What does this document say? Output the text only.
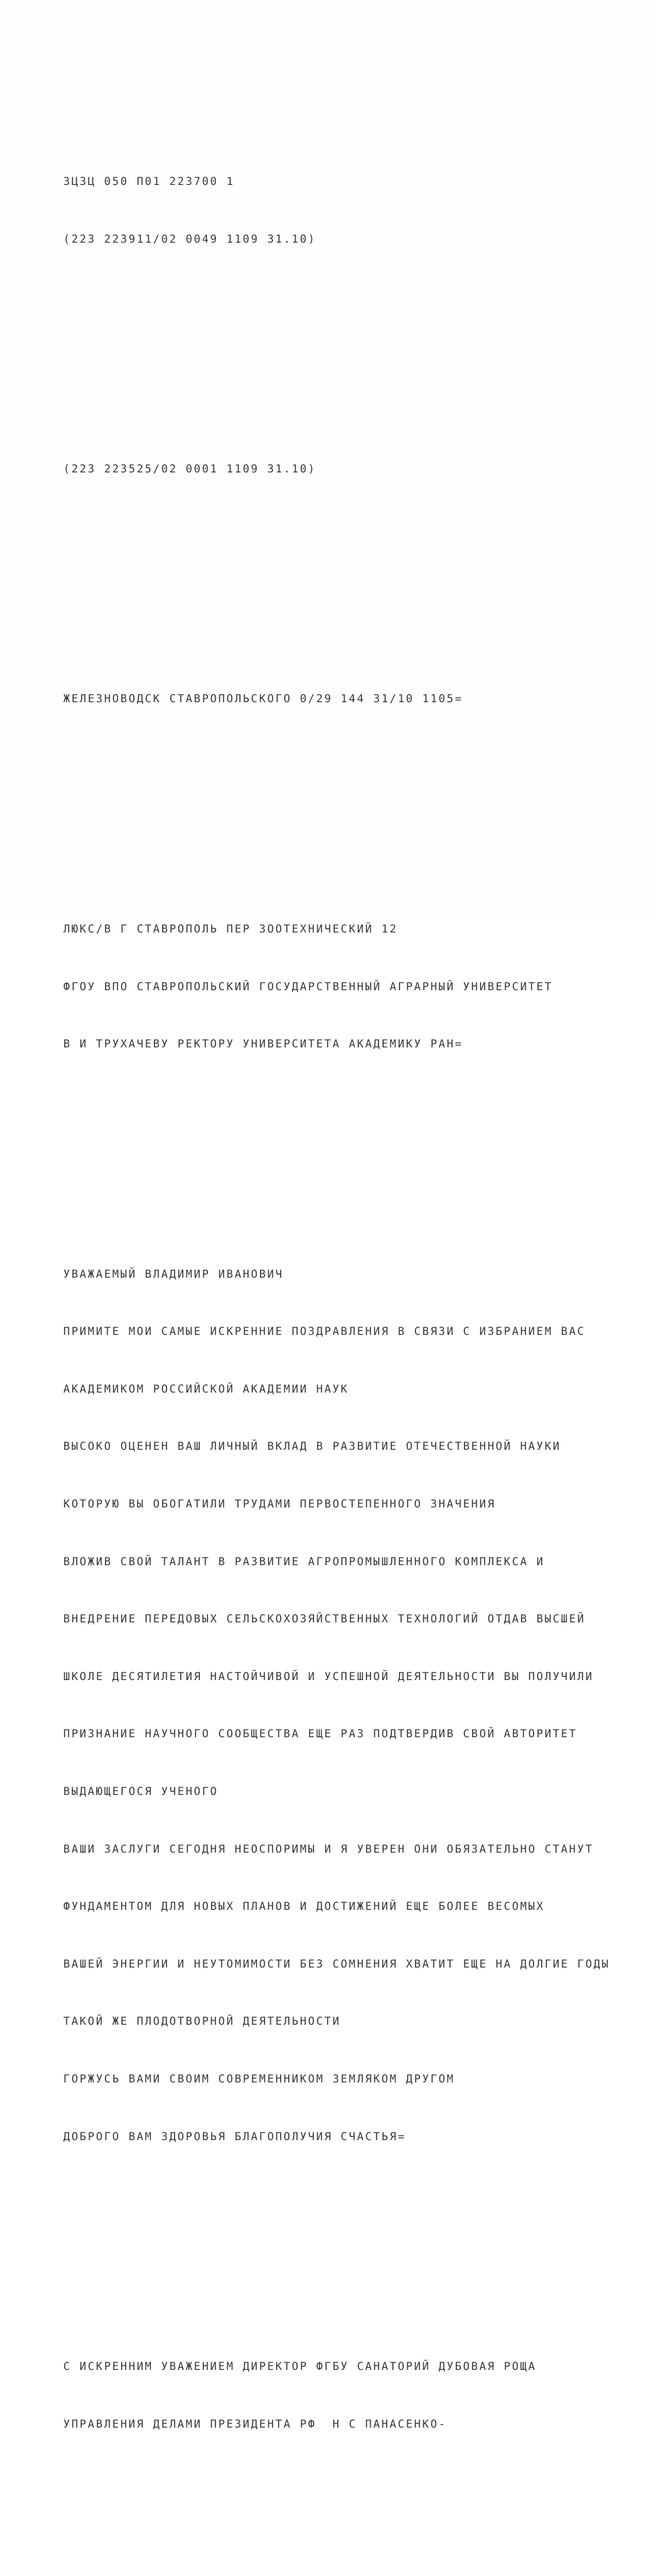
ЗЦЗЦ 050 П01 223700 1

(223 223911/02 0049 1109 31.10)

(223 223525/02 0001 1109 31.10)

ЖЕЛЕЗНОВОДСК СТАВРОПОЛЬСКОГО 0/29 144 31/10 1105=

ЛЮКС/В Г СТАВРОПОЛЬ ПЕР ЗООТЕХНИЧЕСКИЙ 12

ФГОУ ВПО СТАВРОПОЛЬСКИЙ ГОСУДАРСТВЕННЫЙ АГРАРНЫЙ УНИВЕРСИТЕТ

В И ТРУХАЧЕВУ РЕКТОРУ УНИВЕРСИТЕТА АКАДЕМИКУ РАН=

УВАЖАЕМЫЙ ВЛАДИМИР ИВАНОВИЧ

ПРИМИТЕ МОИ САМЫЕ ИСКРЕННИЕ ПОЗДРАВЛЕНИЯ В СВЯЗИ С ИЗБРАНИЕМ ВАС

АКАДЕМИКОМ РОССИЙСКОЙ АКАДЕМИИ НАУК

ВЫСОКО ОЦЕНЕН ВАШ ЛИЧНЫЙ ВКЛАД В РАЗВИТИЕ ОТЕЧЕСТВЕННОЙ НАУКИ

КОТОРУЮ ВЫ ОБОГАТИЛИ ТРУДАМИ ПЕРВОСТЕПЕННОГО ЗНАЧЕНИЯ

ВЛОЖИВ СВОЙ ТАЛАНТ В РАЗВИТИЕ АГРОПРОМЫШЛЕННОГО КОМПЛЕКСА И

ВНЕДРЕНИЕ ПЕРЕДОВЫХ СЕЛЬСКОХОЗЯЙСТВЕННЫХ ТЕХНОЛОГИЙ ОТДАВ ВЫСШЕЙ

ШКОЛЕ ДЕСЯТИЛЕТИЯ НАСТОЙЧИВОЙ И УСПЕШНОЙ ДЕЯТЕЛЬНОСТИ ВЫ ПОЛУЧИЛИ

ПРИЗНАНИЕ НАУЧНОГО СООБЩЕСТВА ЕЩЕ РАЗ ПОДТВЕРДИВ СВОЙ АВТОРИТЕТ

ВЫДАЮЩЕГОСЯ УЧЕНОГО

ВАШИ ЗАСЛУГИ СЕГОДНЯ НЕОСПОРИМЫ И Я УВЕРЕН ОНИ ОБЯЗАТЕЛЬНО СТАНУТ

ФУНДАМЕНТОМ ДЛЯ НОВЫХ ПЛАНОВ И ДОСТИЖЕНИЙ ЕЩЕ БОЛЕЕ ВЕСОМЫХ

ВАШЕЙ ЭНЕРГИИ И НЕУТОМИМОСТИ БЕЗ СОМНЕНИЯ ХВАТИТ ЕЩЕ НА ДОЛГИЕ ГОДЫ

ТАКОЙ ЖЕ ПЛОДОТВОРНОЙ ДЕЯТЕЛЬНОСТИ

ГОРЖУСЬ ВАМИ СВОИМ СОВРЕМЕННИКОМ ЗЕМЛЯКОМ ДРУГОМ

ДОБРОГО ВАМ ЗДОРОВЬЯ БЛАГОПОЛУЧИЯ СЧАСТЬЯ=

С ИСКРЕННИМ УВАЖЕНИЕМ ДИРЕКТОР ФГБУ САНАТОРИЙ ДУБОВАЯ РОЩА

УПРАВЛЕНИЯ ДЕЛАМИ ПРЕЗИДЕНТА РФ  Н С ПАНАСЕНКО-
